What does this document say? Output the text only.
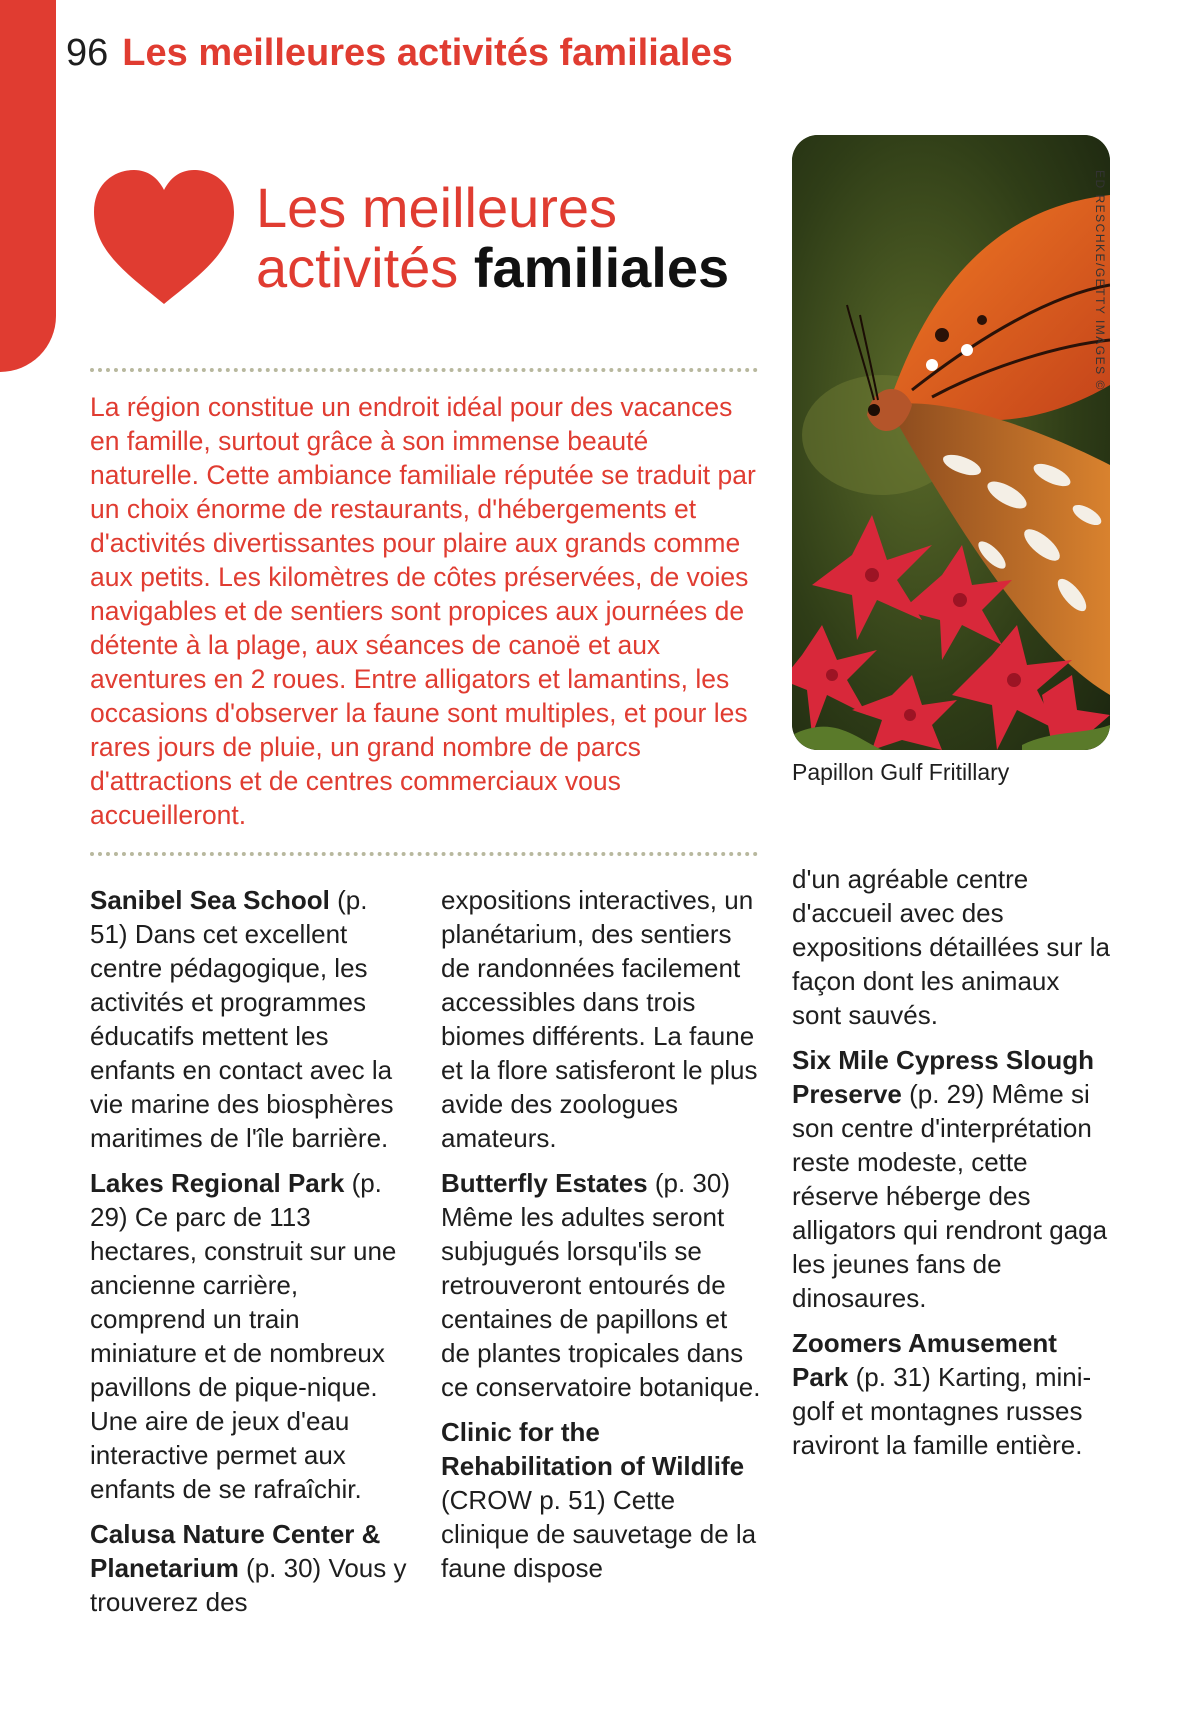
96 Les meilleures activités familiales
Les meilleures
activités familiales

La région constitue un endroit idéal pour des vacances en famille, surtout grâce à son immense beauté naturelle. Cette ambiance familiale réputée se traduit par un choix énorme de restaurants, d'hébergements et d'activités divertissantes pour plaire aux grands comme aux petits. Les kilomètres de côtes préservées, de voies navigables et de sentiers sont propices aux journées de détente à la plage, aux séances de canoë et aux aventures en 2 roues. Entre alligators et lamantins, les occasions d'observer la faune sont multiples, et pour les rares jours de pluie, un grand nombre de parcs d'attractions et de centres commerciaux vous accueilleront.

ED RESCHKE/GETTY IMAGES ©
Papillon Gulf Fritillary
Sanibel Sea School (p. 51) Dans cet excellent centre pédagogique, les activités et programmes éducatifs mettent les enfants en contact avec la vie marine des biosphères maritimes de l'île barrière.
Lakes Regional Park (p. 29) Ce parc de 113 hectares, construit sur une ancienne carrière, comprend un train miniature et de nombreux pavillons de pique-nique. Une aire de jeux d'eau interactive permet aux enfants de se rafraîchir.
Calusa Nature Center & Planetarium (p. 30) Vous y trouverez des
expositions interactives, un planétarium, des sentiers de randonnées facilement accessibles dans trois biomes différents. La faune et la flore satisferont le plus avide des zoologues amateurs.
Butterfly Estates (p. 30) Même les adultes seront subjugués lorsqu'ils se retrouveront entourés de centaines de papillons et de plantes tropicales dans ce conservatoire botanique.
Clinic for the Rehabilitation of Wildlife (CROW p. 51) Cette clinique de sauvetage de la faune dispose
d'un agréable centre d'accueil avec des expositions détaillées sur la façon dont les animaux sont sauvés.
Six Mile Cypress Slough Preserve (p. 29) Même si son centre d'interprétation reste modeste, cette réserve héberge des alligators qui rendront gaga les jeunes fans de dinosaures.
Zoomers Amusement Park (p. 31) Karting, mini-golf et montagnes russes raviront la famille entière.
